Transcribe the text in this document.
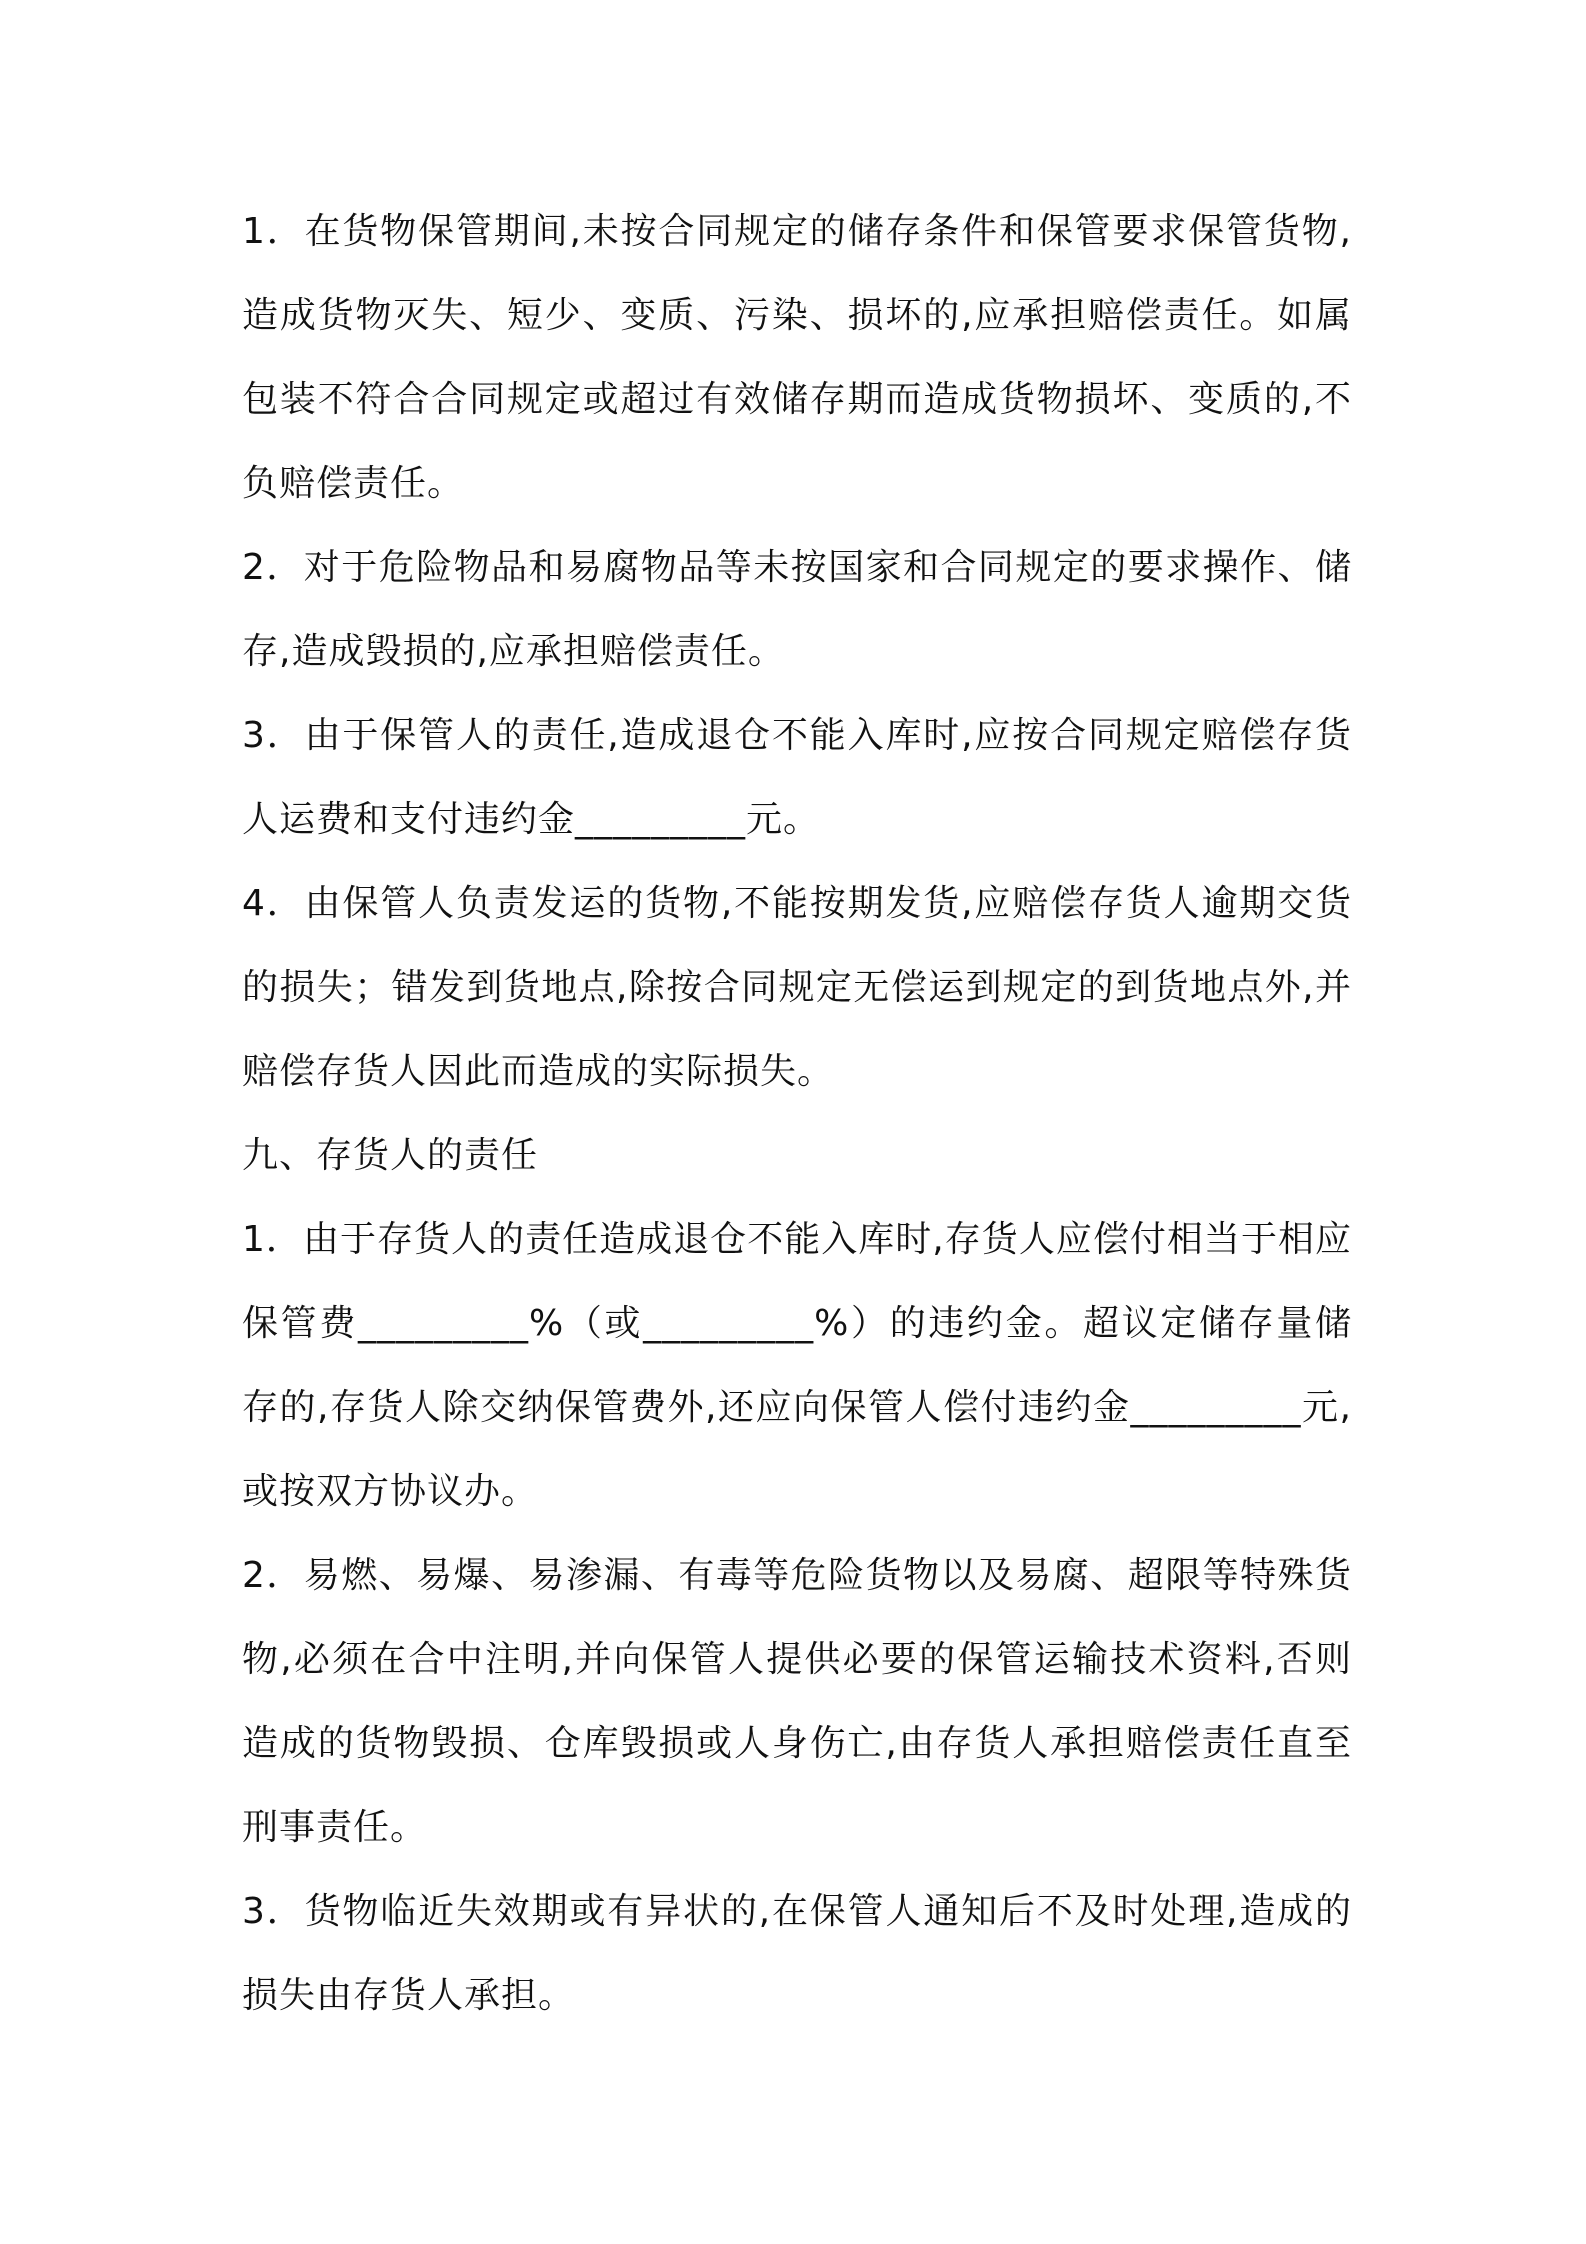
1．在货物保管期间,未按合同规定的储存条件和保管要求保管货物,造成货物灭失、短少、变质、污染、损坏的,应承担赔偿责任。如属包装不符合合同规定或超过有效储存期而造成货物损坏、变质的,不负赔偿责任。

2．对于危险物品和易腐物品等未按国家和合同规定的要求操作、储存,造成毁损的,应承担赔偿责任。

3．由于保管人的责任,造成退仓不能入库时,应按合同规定赔偿存货人运费和支付违约金_________元。

4．由保管人负责发运的货物,不能按期发货,应赔偿存货人逾期交货的损失；错发到货地点,除按合同规定无偿运到规定的到货地点外,并赔偿存货人因此而造成的实际损失。

九、存货人的责任

1．由于存货人的责任造成退仓不能入库时,存货人应偿付相当于相应保管费_________%（或_________%）的违约金。超议定储存量储存的,存货人除交纳保管费外,还应向保管人偿付违约金_________元,或按双方协议办。

2．易燃、易爆、易渗漏、有毒等危险货物以及易腐、超限等特殊货物,必须在合中注明,并向保管人提供必要的保管运输技术资料,否则造成的货物毁损、仓库毁损或人身伤亡,由存货人承担赔偿责任直至刑事责任。

3．货物临近失效期或有异状的,在保管人通知后不及时处理,造成的损失由存货人承担。
